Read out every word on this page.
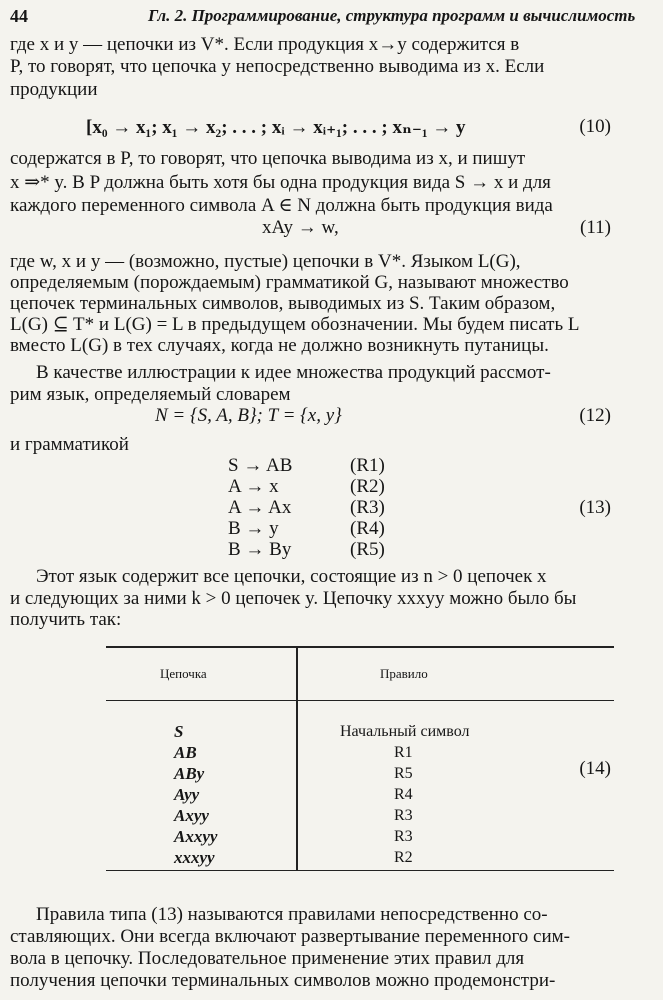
44	Гл. 2. Программирование, структура программ и вычислимость
где x и y — цепочки из V*. Если продукция x→y содержится в
P, то говорят, что цепочка y непосредственно выводима из x. Если
продукции
[x₀ → x₁; x₁ → x₂; . . . ; xᵢ → xᵢ₊₁; . . . ; xₙ₋₁ → y	(10)
содержатся в P, то говорят, что цепочка выводима из x, и пишут
x ⇒* y. В P должна быть хотя бы одна продукция вида S → x и для
каждого переменного символа A ∈ N должна быть продукция вида
xAy → w,	(11)
где w, x и y — (возможно, пустые) цепочки в V*. Языком L(G),
определяемым (порождаемым) грамматикой G, называют множество
цепочек терминальных символов, выводимых из S. Таким образом,
L(G) ⊆ T* и L(G) = L в предыдущем обозначении. Мы будем писать L
вместо L(G) в тех случаях, когда не должно возникнуть путаницы.
В качестве иллюстрации к идее множества продукций рассмот-
рим язык, определяемый словарем
N = {S, A, B}; T = {x, y}	(12)
и грамматикой
S → AB	(R1)
A → x	(R2)
A → Ax	(R3)
B → y	(R4)
B → By	(R5)
(13)
Этот язык содержит все цепочки, состоящие из n > 0 цепочек x
и следующих за ними k > 0 цепочек y. Цепочку xxxyy можно было бы
получить так:
Цепочка	Правило
S	Начальный символ
AB	R1
ABy	R5
Ayy	R4
Axyy	R3
Axxyy	R3
xxxyy	R2
(14)
Правила типа (13) называются правилами непосредственно со-
ставляющих. Они всегда включают развертывание переменного сим-
вола в цепочку. Последовательное применение этих правил для
получения цепочки терминальных символов можно продемонстри-
